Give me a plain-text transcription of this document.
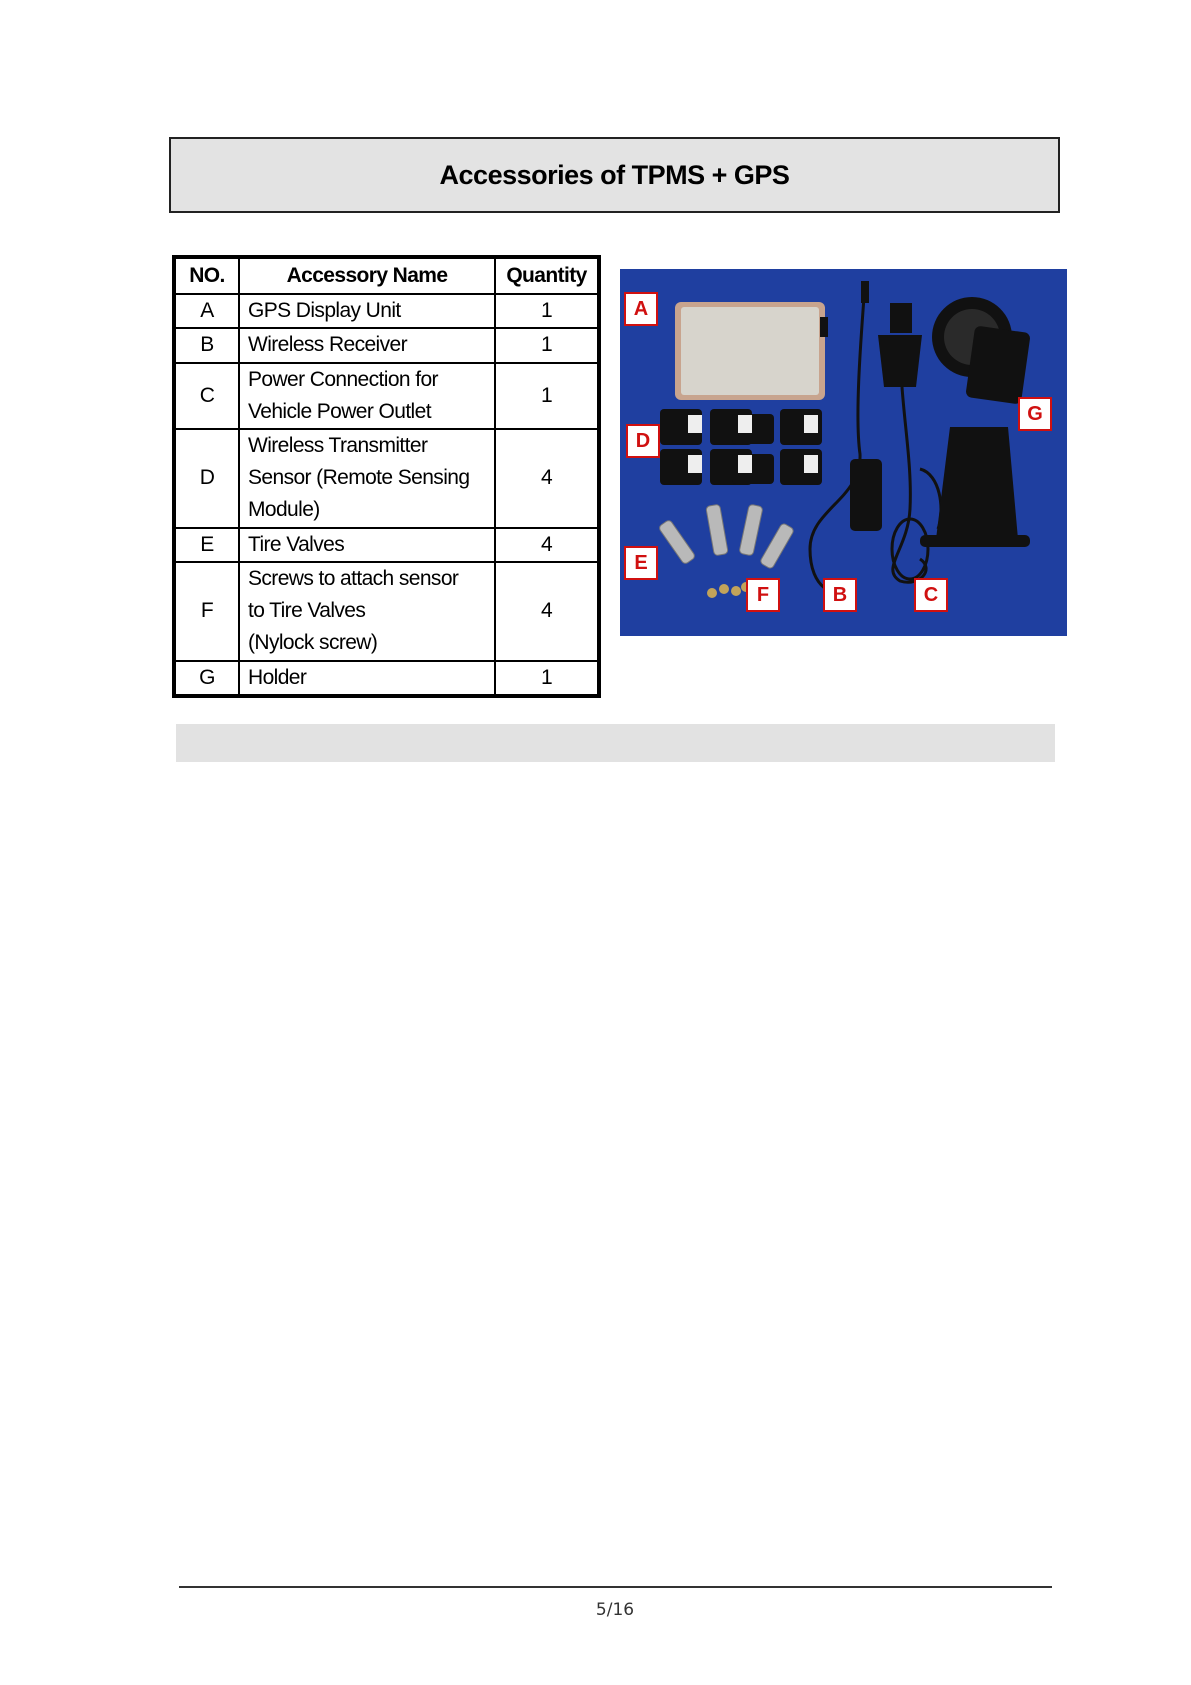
Accessories of TPMS + GPS
NO.	Accessory Name	Quantity
A	GPS Display Unit	1
B	Wireless Receiver	1
C	Power Connection for
Vehicle Power Outlet	1
D	Wireless Transmitter
Sensor (Remote Sensing
Module)	4
E	Tire Valves	4
F	Screws to attach sensor
to Tire Valves
(Nylock screw)	4
G	Holder	1
A
B	C
D
E
F
G
5/16
